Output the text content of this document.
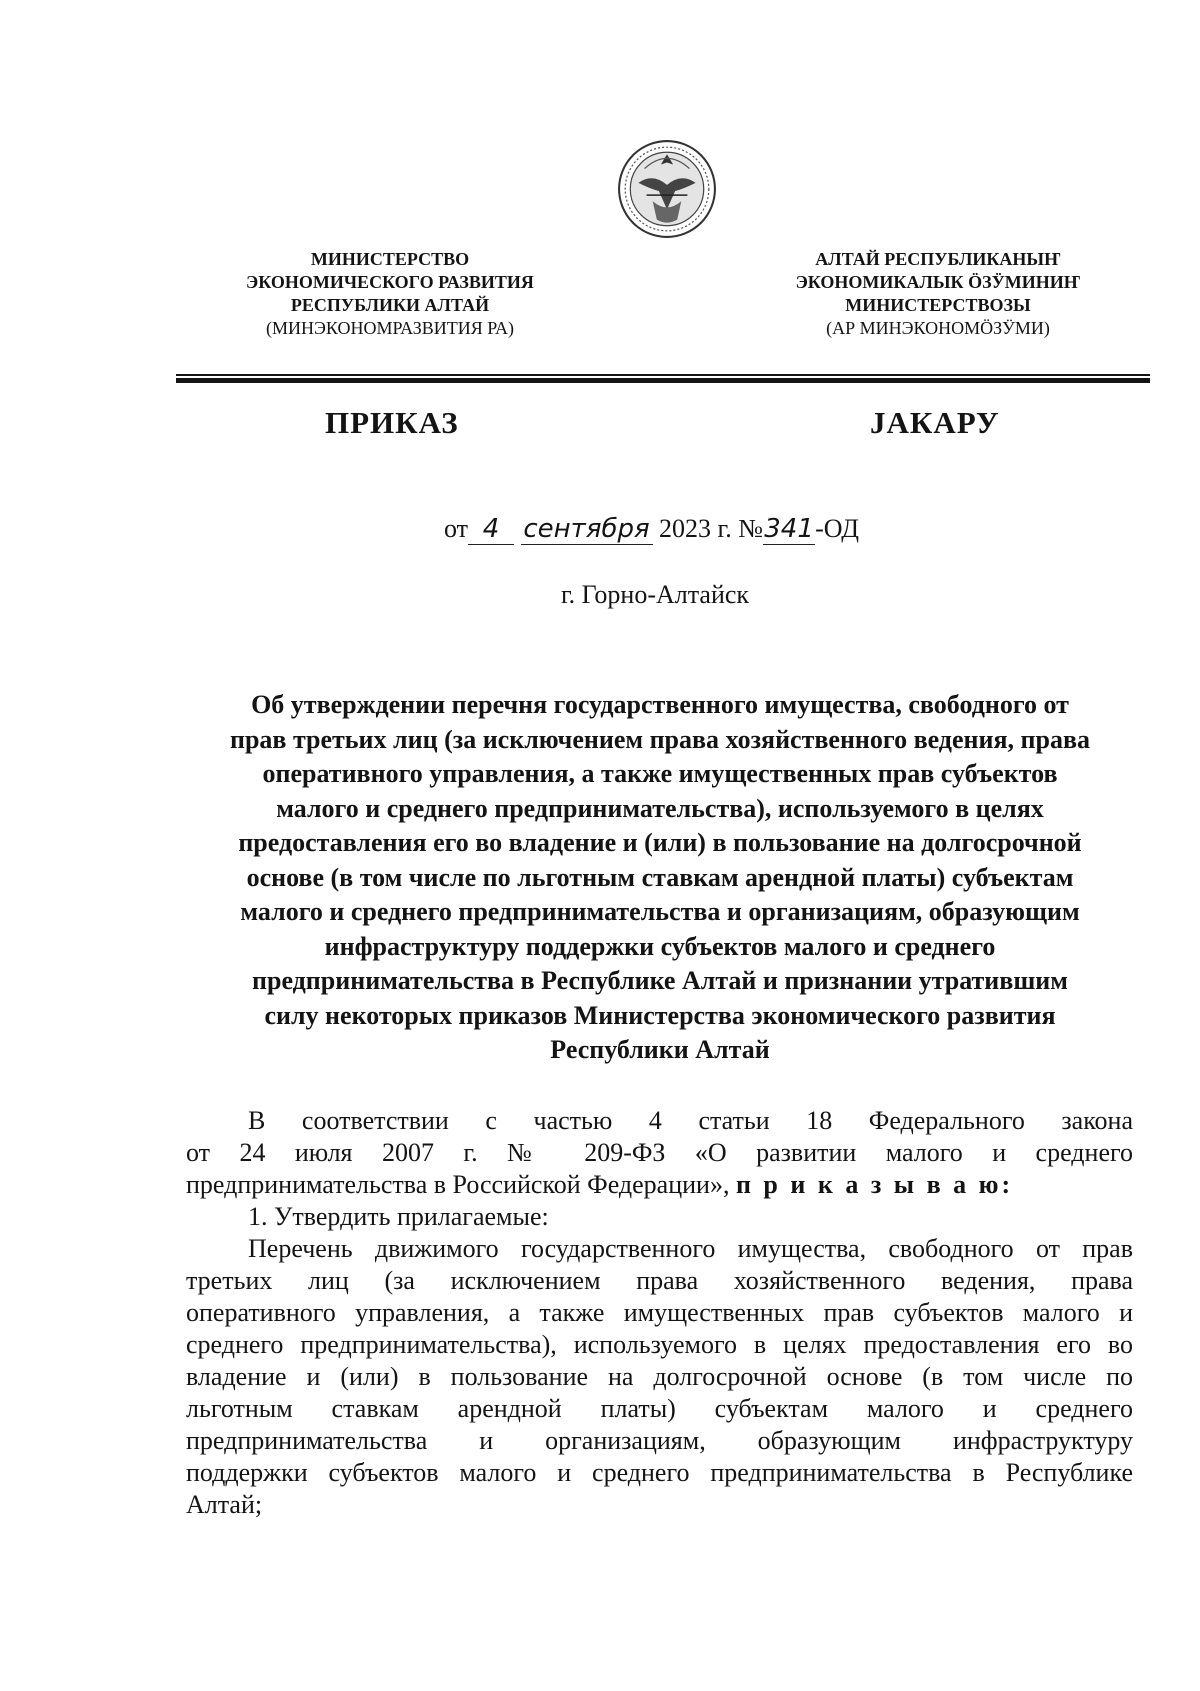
МИНИСТЕРСТВО
ЭКОНОМИЧЕСКОГО РАЗВИТИЯ
РЕСПУБЛИКИ АЛТАЙ
(МИНЭКОНОМРАЗВИТИЯ РА)
АЛТАЙ РЕСПУБЛИКАНЫҤ
ЭКОНОМИКАЛЫК ÖЗӰМИНИҤ
МИНИСТЕРСТВОЗЫ
(АР МИНЭКОНОМÖЗӰМИ)
ПРИКАЗ	ЈАКАРУ
от 4 сентября 2023 г. №341-ОД
г. Горно-Алтайск
Об утверждении перечня государственного имущества, свободного от
прав третьих лиц (за исключением права хозяйственного ведения, права
оперативного управления, а также имущественных прав субъектов
малого и среднего предпринимательства), используемого в целях
предоставления его во владение и (или) в пользование на долгосрочной
основе (в том числе по льготным ставкам арендной платы) субъектам
малого и среднего предпринимательства и организациям, образующим
инфраструктуру поддержки субъектов малого и среднего
предпринимательства в Республике Алтай и признании утратившим
силу некоторых приказов Министерства экономического развития
Республики Алтай
В соответствии с частью 4 статьи 18 Федерального закона
от 24 июля 2007 г. № 209-ФЗ «О развитии малого и среднего
предпринимательства в Российской Федерации», п р и к а з ы в а ю:
1. Утвердить прилагаемые:
Перечень движимого государственного имущества, свободного от прав
третьих лиц (за исключением права хозяйственного ведения, права
оперативного управления, а также имущественных прав субъектов малого и
среднего предпринимательства), используемого в целях предоставления его во
владение и (или) в пользование на долгосрочной основе (в том числе по
льготным ставкам арендной платы) субъектам малого и среднего
предпринимательства и организациям, образующим инфраструктуру
поддержки субъектов малого и среднего предпринимательства в Республике
Алтай;
